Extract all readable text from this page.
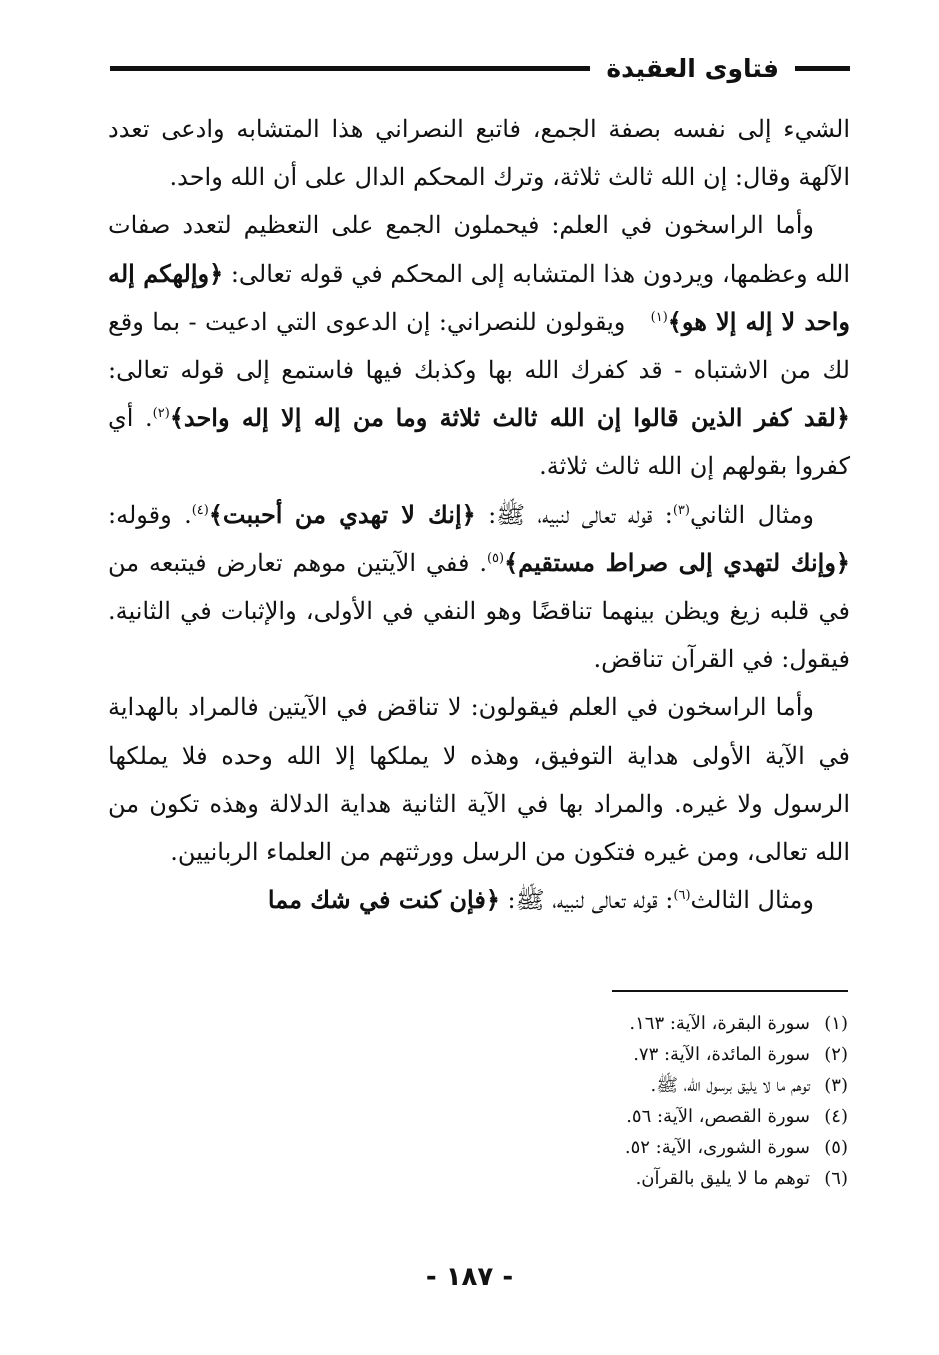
فتاوى العقيدة

الشيء إلى نفسه بصفة الجمع، فاتبع النصراني هذا المتشابه وادعى تعدد الآلهة وقال: إن الله ثالث ثلاثة، وترك المحكم الدال على أن الله واحد.

وأما الراسخون في العلم: فيحملون الجمع على التعظيم لتعدد صفات الله وعظمها، ويردون هذا المتشابه إلى المحكم في قوله تعالى: ﴿وإلهكم إله واحد لا إله إلا هو﴾$^{(١)}$   ويقولون للنصراني: إن الدعوى التي ادعيت - بما وقع لك من الاشتباه - قد كفرك الله بها وكذبك فيها فاستمع إلى قوله تعالى: ﴿لقد كفر الذين قالوا إن الله ثالث ثلاثة وما من إله إلا إله واحد﴾$^{(٢)}$. أي كفروا بقولهم إن الله ثالث ثلاثة.

ومثال الثاني$^{(٣)}$: قوله تعالى لنبيه، ﷺ: ﴿إنك لا تهدي من أحببت﴾$^{(٤)}$. وقوله: ﴿وإنك لتهدي إلى صراط مستقيم﴾$^{(٥)}$. ففي الآيتين موهم تعارض فيتبعه من في قلبه زيغ ويظن بينهما تناقضًا وهو النفي في الأولى، والإثبات في الثانية. فيقول: في القرآن تناقض.

وأما الراسخون في العلم فيقولون: لا تناقض في الآيتين فالمراد بالهداية في الآية الأولى هداية التوفيق، وهذه لا يملكها إلا الله وحده فلا يملكها الرسول ولا غيره. والمراد بها في الآية الثانية هداية الدلالة وهذه تكون من الله تعالى، ومن غيره فتكون من الرسل وورثتهم من العلماء الربانيين.

ومثال الثالث$^{(٦)}$: قوله تعالى لنبيه، ﷺ: ﴿فإن كنت في شك مما

(١)
سورة البقرة، الآية: ١٦٣.
(٢)
سورة المائدة، الآية: ٧٣.
(٣)
توهم ما لا يليق برسول الله، ﷺ.
(٤)
سورة القصص، الآية: ٥٦.
(٥)
سورة الشورى، الآية: ٥٢.
(٦)
توهم ما لا يليق بالقرآن.
- ١٨٧ -
